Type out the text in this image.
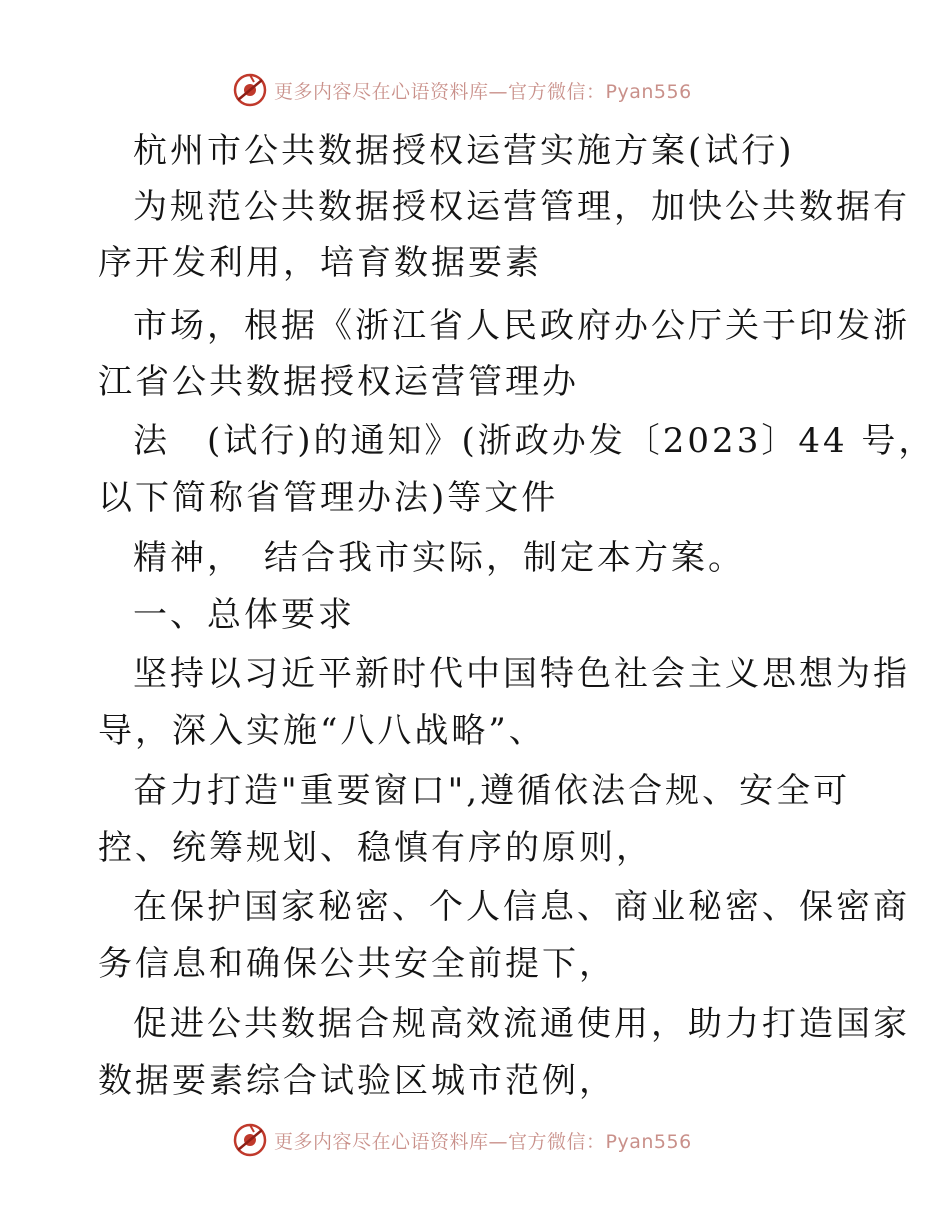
更多内容尽在心语资料库—官方微信：Pyan556
杭州市公共数据授权运营实施方案(试行)
为规范公共数据授权运营管理，加快公共数据有
序开发利用，培育数据要素
市场，根据《浙江省人民政府办公厅关于印发浙
江省公共数据授权运营管理办
法　(试行)的通知》(浙政办发〔2023〕44 号，
以下简称省管理办法)等文件
精神，　结合我市实际，制定本方案。
一、总体要求
坚持以习近平新时代中国特色社会主义思想为指
导，深入实施“八八战略”、
奋力打造"重要窗口",遵循依法合规、安全可
控、统筹规划、稳慎有序的原则，
在保护国家秘密、个人信息、商业秘密、保密商
务信息和确保公共安全前提下，
促进公共数据合规高效流通使用，助力打造国家
数据要素综合试验区城市范例，
更多内容尽在心语资料库—官方微信：Pyan556
